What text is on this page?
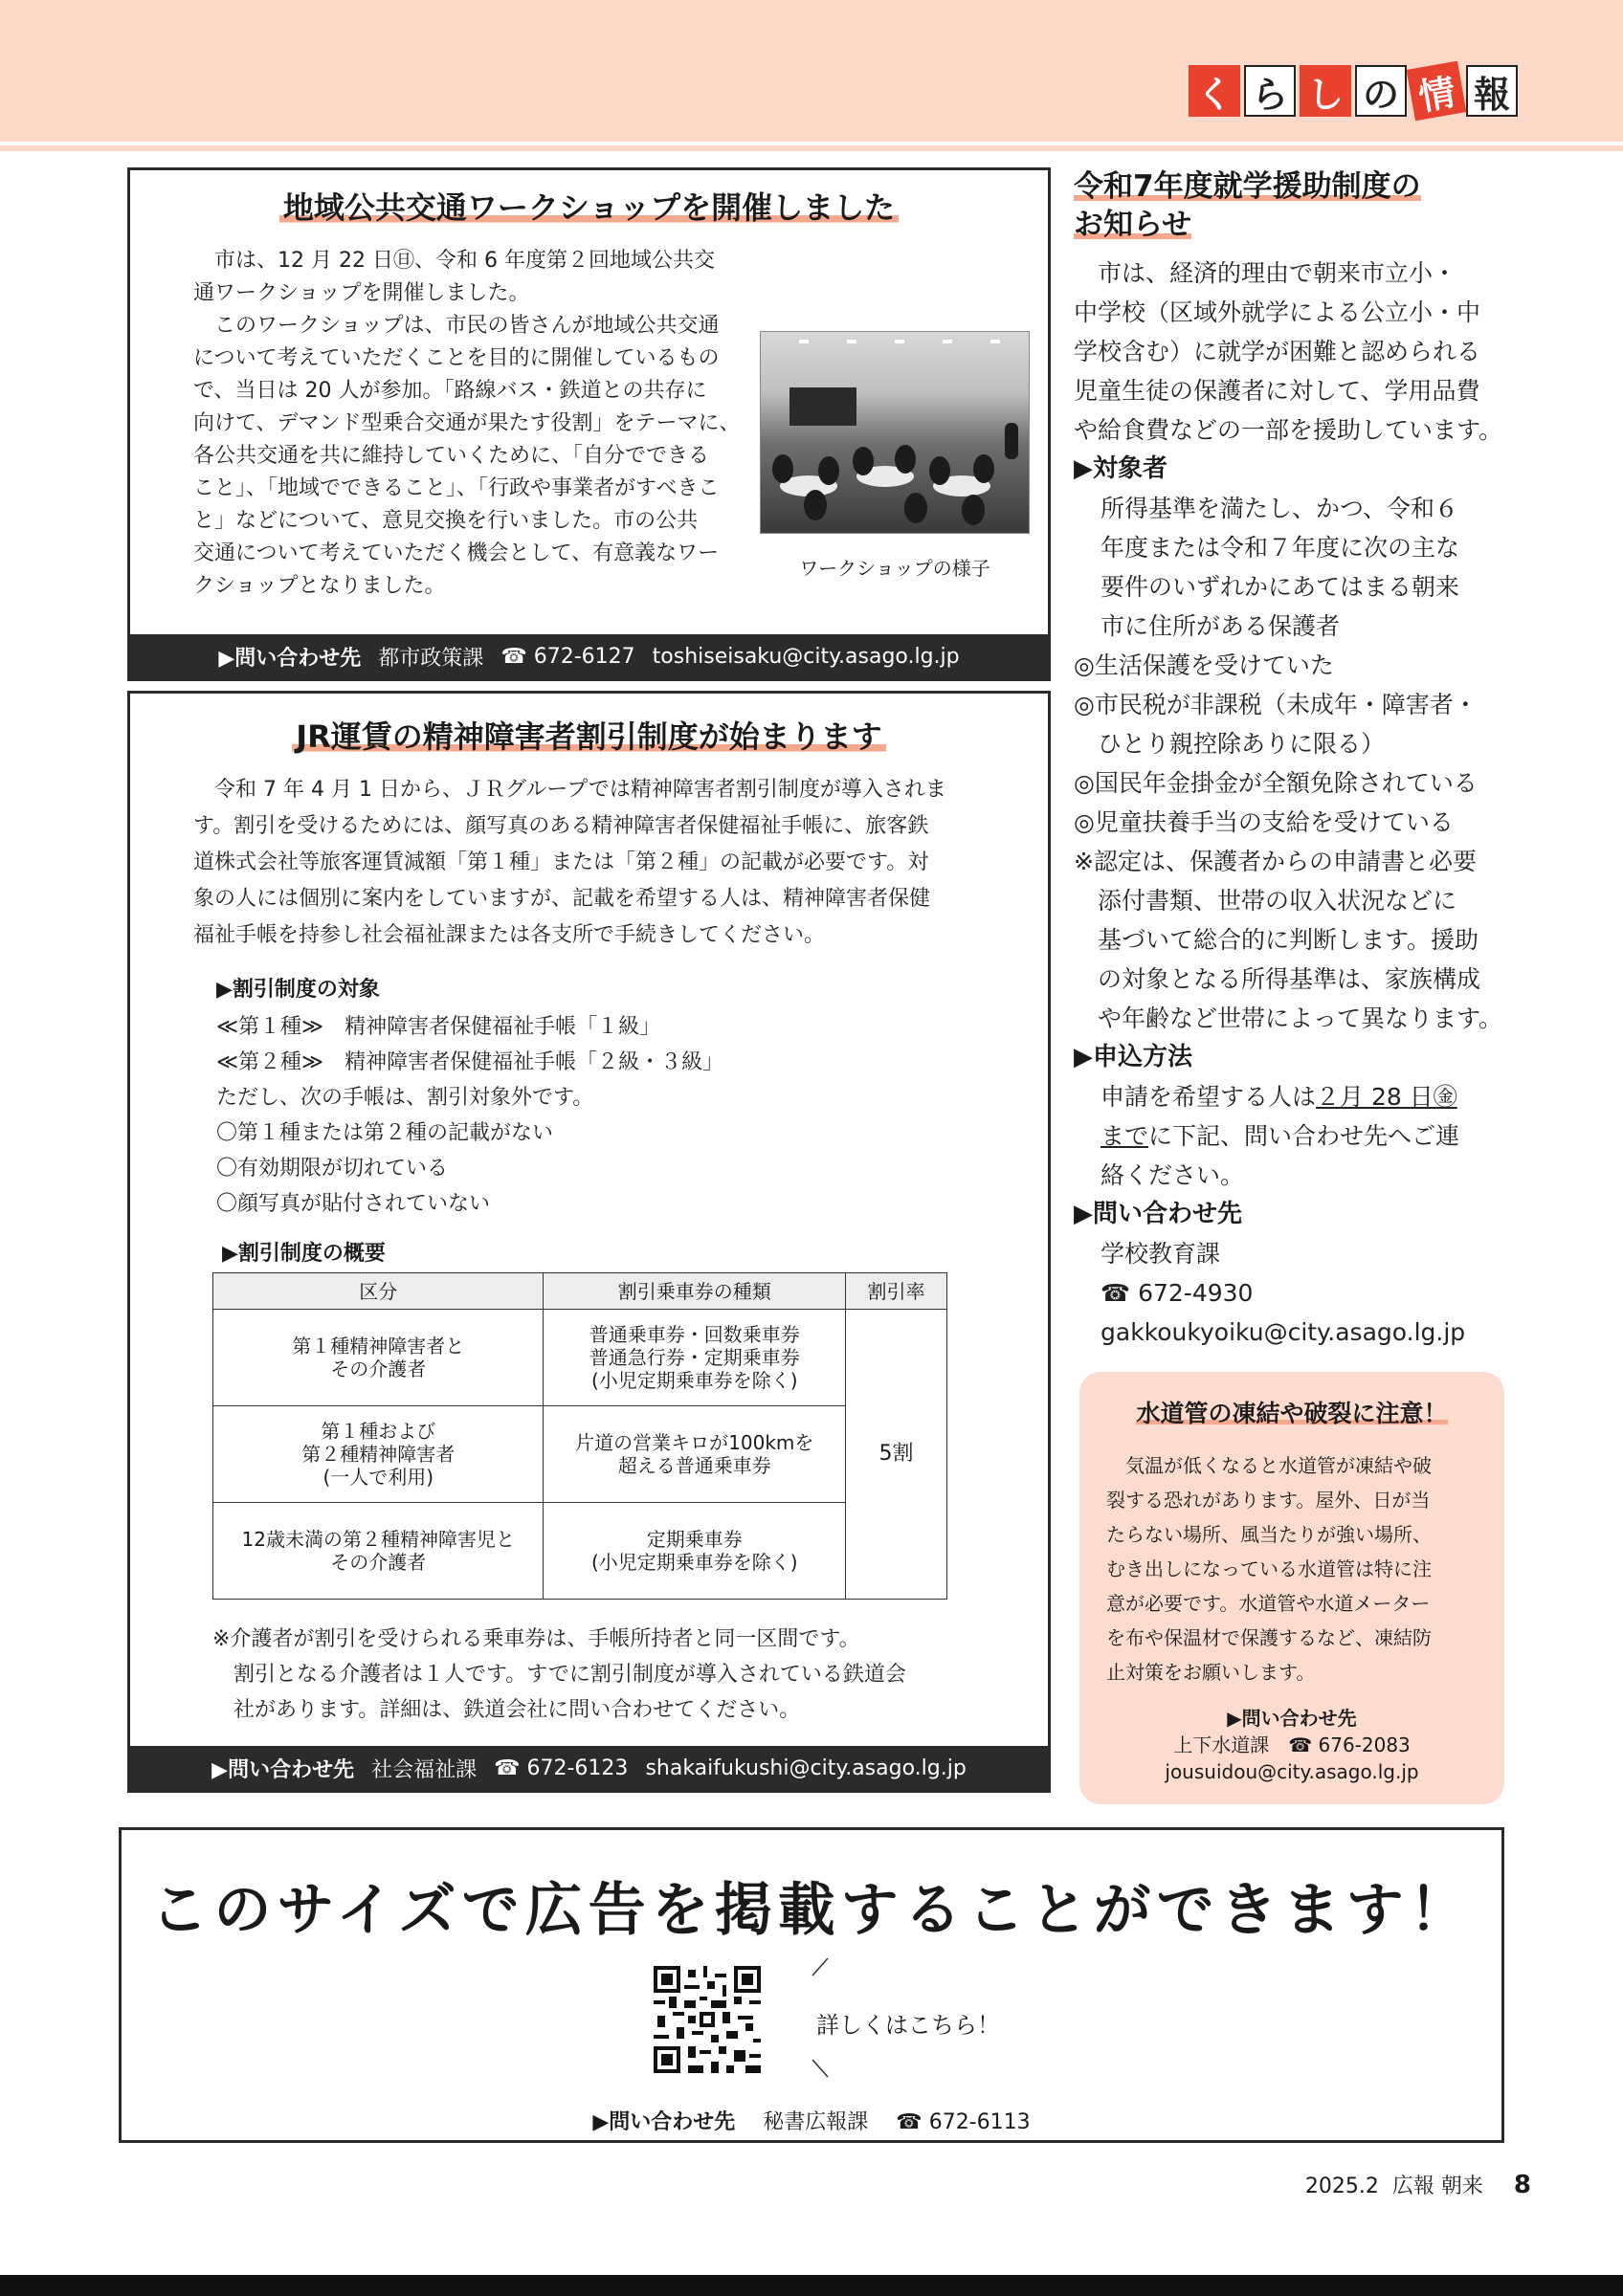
く ら し の 情 報
地域公共交通ワークショップを開催しました
　市は、12 月 22 日㊐、令和 6 年度第２回地域公共交
通ワークショップを開催しました。
　このワークショップは、市民の皆さんが地域公共交通
について考えていただくことを目的に開催しているもの
で、当日は 20 人が参加。「路線バス・鉄道との共存に
向けて、デマンド型乗合交通が果たす役割」をテーマに、
各公共交通を共に維持していくために、「自分でできる
こと」、「地域でできること」、「行政や事業者がすべきこ
と」などについて、意見交換を行いました。市の公共
交通について考えていただく機会として、有意義なワー
クショップとなりました。
ワークショップの様子
▶問い合わせ先 都市政策課 ☎ 672-6127 toshiseisaku@city.asago.lg.jp
JR運賃の精神障害者割引制度が始まります
　令和 7 年 4 月 1 日から、ＪＲグループでは精神障害者割引制度が導入されま
す。割引を受けるためには、顔写真のある精神障害者保健福祉手帳に、旅客鉄
道株式会社等旅客運賃減額「第１種」または「第２種」の記載が必要です。対
象の人には個別に案内をしていますが、記載を希望する人は、精神障害者保健
福祉手帳を持参し社会福祉課または各支所で手続きしてください。
▶割引制度の対象
≪第１種≫　精神障害者保健福祉手帳「１級」
≪第２種≫　精神障害者保健福祉手帳「２級・３級」
ただし、次の手帳は、割引対象外です。
〇第１種または第２種の記載がない
〇有効期限が切れている
〇顔写真が貼付されていない
▶割引制度の概要
区分	割引乗車券の種類	割引率
第１種精神障害者と
その介護者	普通乗車券・回数乗車券
普通急行券・定期乗車券
(小児定期乗車券を除く)	5割
第１種および
第２種精神障害者
(一人で利用)	片道の営業キロが100kmを
超える普通乗車券	
12歳未満の第２種精神障害児と
その介護者	定期乗車券
(小児定期乗車券を除く)	
※介護者が割引を受けられる乗車券は、手帳所持者と同一区間です。
　割引となる介護者は１人です。すでに割引制度が導入されている鉄道会
　社があります。詳細は、鉄道会社に問い合わせてください。
▶問い合わせ先 社会福祉課 ☎ 672-6123 shakaifukushi@city.asago.lg.jp
令和7年度就学援助制度の
お知らせ
　市は、経済的理由で朝来市立小・
中学校（区域外就学による公立小・中
学校含む）に就学が困難と認められる
児童生徒の保護者に対して、学用品費
や給食費などの一部を援助しています。
▶対象者
所得基準を満たし、かつ、令和６
年度または令和７年度に次の主な
要件のいずれかにあてはまる朝来
市に住所がある保護者
◎生活保護を受けていた
◎市民税が非課税（未成年・障害者・
　ひとり親控除ありに限る）
◎国民年金掛金が全額免除されている
◎児童扶養手当の支給を受けている
※認定は、保護者からの申請書と必要
　添付書類、世帯の収入状況などに
　基づいて総合的に判断します。援助
　の対象となる所得基準は、家族構成
　や年齢など世帯によって異なります。
▶申込方法
申請を希望する人は２月 28 日㊎
までに下記、問い合わせ先へご連
絡ください。
▶問い合わせ先
学校教育課
☎ 672-4930
gakkoukyoiku@city.asago.lg.jp
水道管の凍結や破裂に注意！
　気温が低くなると水道管が凍結や破
裂する恐れがあります。屋外、日が当
たらない場所、風当たりが強い場所、
むき出しになっている水道管は特に注
意が必要です。水道管や水道メーター
を布や保温材で保護するなど、凍結防
止対策をお願いします。
▶問い合わせ先
上下水道課　 ☎ 676-2083
jousuidou@city.asago.lg.jp
このサイズで広告を掲載することができます！
詳しくはこちら！
▶問い合わせ先　 秘書広報課　 ☎ 672-6113
2025.2 広報 朝来 8
